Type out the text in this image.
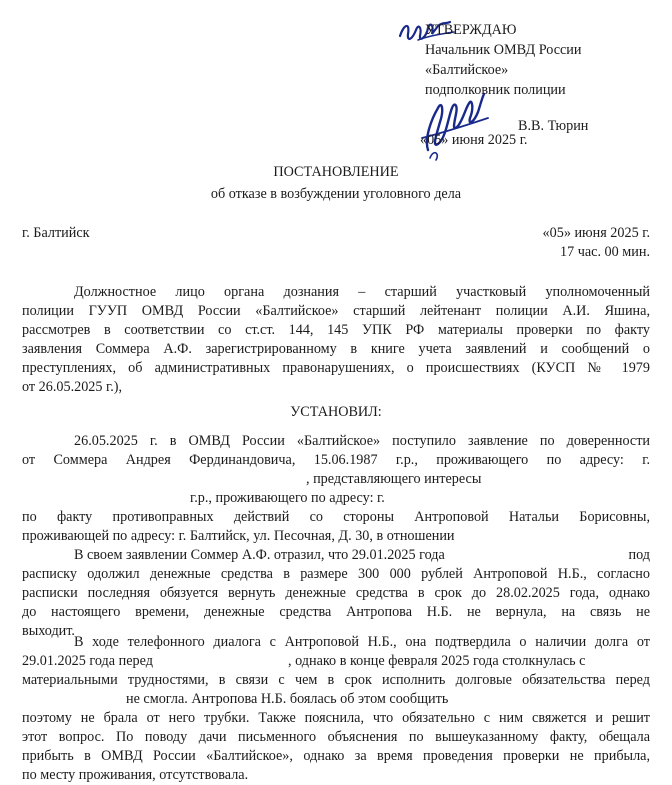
УТВЕРЖДАЮ
Начальник ОМВД России
«Балтийское»
подполковник полиции
В.В. Тюрин
«05» июня 2025 г.
ПОСТАНОВЛЕНИЕ
об отказе в возбуждении уголовного дела
г. Балтийск	«05» июня 2025 г.
17 час. 00 мин.
Должностное лицо органа дознания – старший участковый уполномоченный
полиции ГУУП ОМВД России «Балтийское» старший лейтенант полиции А.И. Яшина,
рассмотрев в соответствии со ст.ст. 144, 145 УПК РФ материалы проверки по факту
заявления Соммера А.Ф. зарегистрированному в книге учета заявлений и сообщений о
преступлениях, об административных правонарушениях, о происшествиях (КУСП № 1979
от 26.05.2025 г.),
УСТАНОВИЛ:
26.05.2025 г. в ОМВД России «Балтийское» поступило заявление по доверенности
от Соммера Андрея Фердинандовича, 15.06.1987 г.р., проживающего по адресу: г.
, представляющего интересы
г.р., проживающего по адресу: г.
по факту противоправных действий со стороны Антроповой Натальи Борисовны,
проживающей по адресу: г. Балтийск, ул. Песочная, Д. 30, в отношении
В своем заявлении Соммер А.Ф. отразил, что 29.01.2025 года	под
расписку одолжил денежные средства в размере 300 000 рублей Антроповой Н.Б., согласно
расписки последняя обязуется вернуть денежные средства в срок до 28.02.2025 года, однако
до настоящего времени, денежные средства Антропова Н.Б. не вернула, на связь не
выходит.
В ходе телефонного диалога с Антроповой Н.Б., она подтвердила о наличии долга от
29.01.2025 года перед	, однако в конце февраля 2025 года столкнулась с
материальными трудностями, в связи с чем в срок исполнить долговые обязательства перед
не смогла. Антропова Н.Б. боялась об этом сообщить
поэтому не брала от него трубки. Также пояснила, что обязательно с ним свяжется и решит
этот вопрос. По поводу дачи письменного объяснения по вышеуказанному факту, обещала
прибыть в ОМВД России «Балтийское», однако за время проведения проверки не прибыла,
по месту проживания, отсутствовала.
